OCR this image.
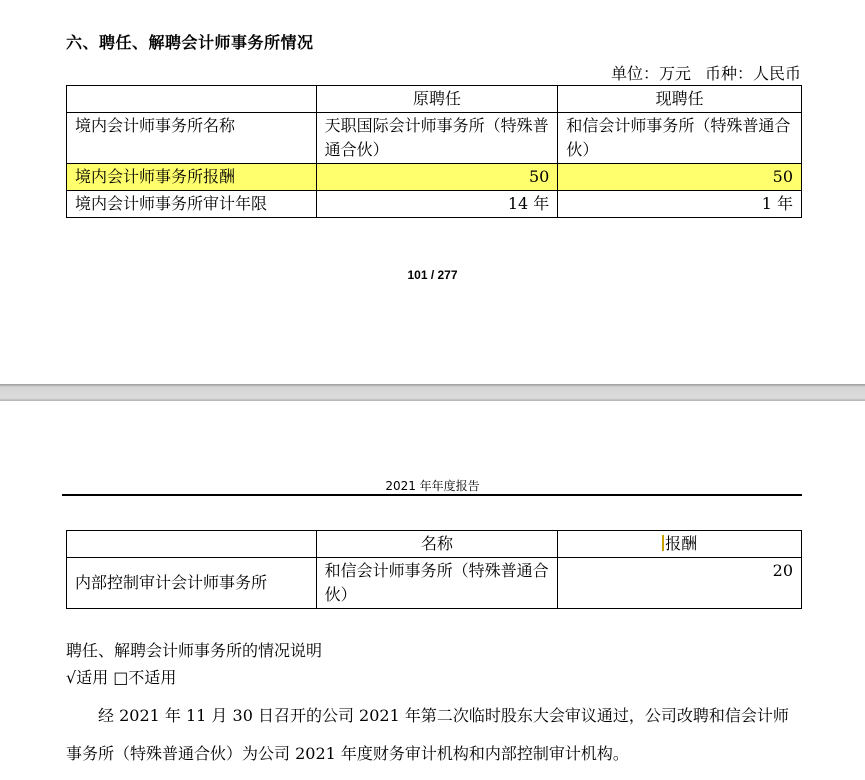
六、聘任、解聘会计师事务所情况
单位：万元 币种：人民币
	原聘任	现聘任
境内会计师事务所名称	天职国际会计师事务所（特殊普通合伙）	和信会计师事务所（特殊普通合伙）
境内会计师事务所报酬	50	50
境内会计师事务所审计年限	14 年	1 年
101 / 277
2021 年年度报告
	名称	报酬
内部控制审计会计师事务所	和信会计师事务所（特殊普通合伙）	20
聘任、解聘会计师事务所的情况说明
√适用 □不适用
经 2021 年 11 月 30 日召开的公司 2021 年第二次临时股东大会审议通过，公司改聘和信会计师事务所（特殊普通合伙）为公司 2021 年度财务审计机构和内部控制审计机构。
